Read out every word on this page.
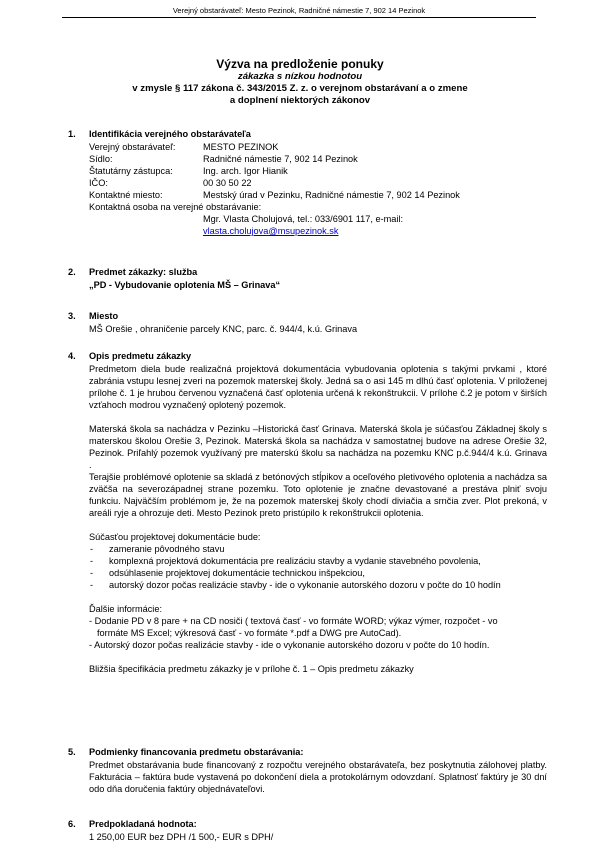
Verejný obstarávateľ: Mesto Pezinok, Radničné námestie 7, 902 14 Pezinok
Výzva na predloženie ponuky
zákazka s nízkou hodnotou
v zmysle § 117 zákona č. 343/2015 Z. z. o verejnom obstarávaní a o zmene
a doplnení niektorých zákonov
1. Identifikácia verejného obstarávateľa
Verejný obstarávateľ:	MESTO PEZINOK
Sídlo:	Radničné námestie 7, 902 14 Pezinok
Štatutárny zástupca:	Ing. arch. Igor Hianik
IČO:	00 30 50 22
Kontaktné miesto:	Mestský úrad v Pezinku, Radničné námestie 7, 902 14 Pezinok
Kontaktná osoba na verejné obstarávanie:
Mgr. Vlasta Cholujová, tel.: 033/6901 117, e-mail:
vlasta.cholujova@msupezinok.sk
2. Predmet zákazky: služba
„PD - Vybudovanie oplotenia MŠ – Grinava“
3. Miesto
MŠ Orešie , ohraničenie parcely KNC, parc. č. 944/4, k.ú. Grinava
4. Opis predmetu zákazky
Predmetom diela bude realizačná projektová dokumentácia vybudovania oplotenia s takými prvkami , ktoré zabránia vstupu lesnej zveri na pozemok materskej školy. Jedná sa o asi 145 m dlhú časť oplotenia. V priloženej prílohe č. 1 je hrubou červenou vyznačená časť oplotenia určená k rekonštrukcii. V prílohe č.2 je potom v širších vzťahoch modrou vyznačený oplotený pozemok.
Materská škola sa nachádza v Pezinku –Historická časť Grinava. Materská škola je súčasťou Základnej školy s materskou školou Orešie 3, Pezinok. Materská škola sa nachádza v samostatnej budove na adrese Orešie 32, Pezinok. Priľahlý pozemok využívaný pre materskú školu sa nachádza na pozemku KNC p.č.944/4 k.ú. Grinava .
Terajšie problémové oplotenie sa skladá z betónových stĺpikov a oceľového pletivového oplotenia a nachádza sa zväčša na severozápadnej strane pozemku. Toto oplotenie je značne devastované a prestáva plniť svoju funkciu. Najväčším problémom je, že na pozemok materskej školy chodí diviačia a srnčia zver. Plot prekoná, v areáli ryje a ohrozuje deti. Mesto Pezinok preto pristúpilo k rekonštrukcii oplotenia.
Súčasťou projektovej dokumentácie bude:
- zameranie pôvodného stavu
- komplexná projektová dokumentácia pre realizáciu stavby a vydanie stavebného povolenia,
- odsúhlasenie projektovej dokumentácie technickou inšpekciou,
- autorský dozor počas realizácie stavby - ide o vykonanie autorského dozoru v počte do 10 hodín
Ďalšie informácie:
- Dodanie PD v 8 pare + na CD nosiči ( textová časť - vo formáte WORD; výkaz výmer, rozpočet - vo
formáte MS Excel; výkresová časť - vo formáte *.pdf a DWG pre AutoCad).
- Autorský dozor počas realizácie stavby - ide o vykonanie autorského dozoru v počte do 10 hodín.
Bližšia špecifikácia predmetu zákazky je v prílohe č. 1 – Opis predmetu zákazky
5. Podmienky financovania predmetu obstarávania:
Predmet obstarávania bude financovaný z rozpočtu verejného obstarávateľa, bez poskytnutia zálohovej platby. Fakturácia – faktúra bude vystavená po dokončení diela a protokolárnym odovzdaní. Splatnosť faktúry je 30 dní odo dňa doručenia faktúry objednávateľovi.
6. Predpokladaná hodnota:
1 250,00 EUR bez DPH /1 500,- EUR s DPH/
